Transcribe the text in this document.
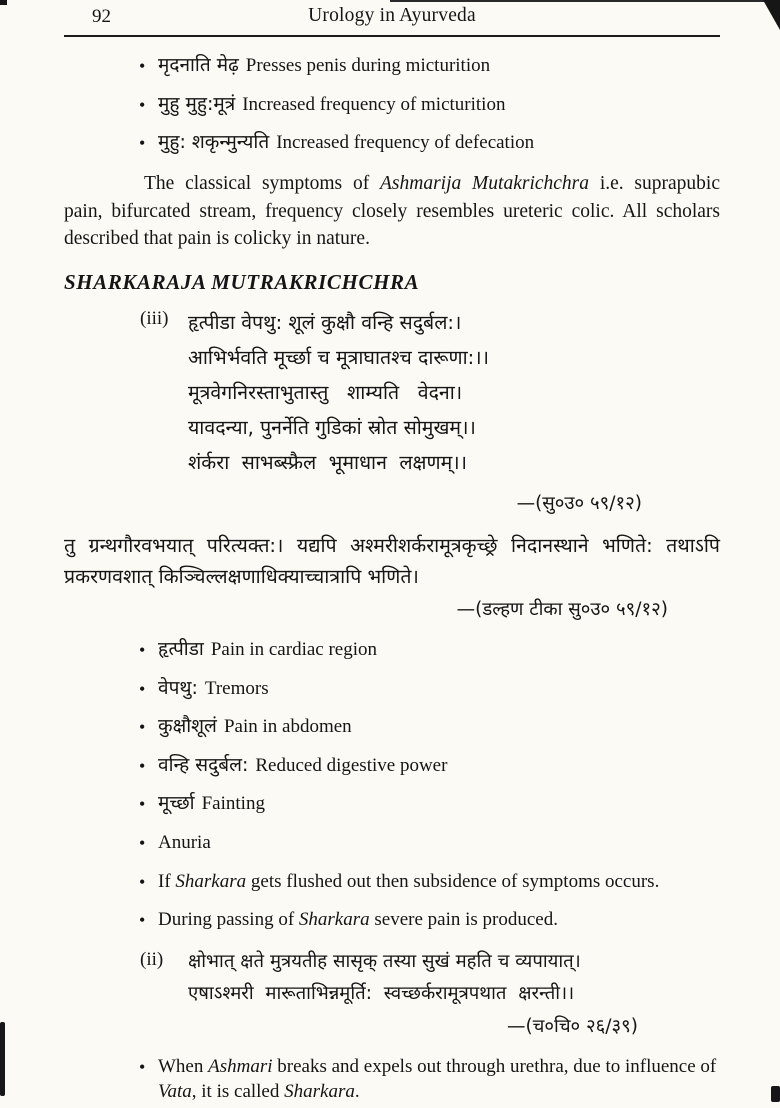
92	Urology in Ayurveda
• मृदनाति मेढ़ Presses penis during micturition
• मुहु मुहु:मूत्रं Increased frequency of micturition
• मुहु: शकृन्मुन्यति Increased frequency of defecation

The classical symptoms of Ashmarija Mutakrichchra i.e. suprapubic pain, bifurcated stream, frequency closely resembles ureteric colic. All scholars described that pain is colicky in nature.

SHARKARAJA MUTRAKRICHCHRA
(iii)	हृत्पीडा वेपथु: शूलं कुक्षौ वन्हि सदुर्बल:।
आभिर्भवति मूर्च्छा च मूत्राघातश्च दारूणा:।।
मूत्रवेगनिरस्ताभुतास्तु   शाम्यति   वेदना।
यावदन्या, पुनर्नेति गुडिकां स्रोत सोमुखम्।।
शंर्करा  साभब्स्फ्रैल  भूमाधान  लक्षणम्।।
—(सु०उ० ५९/१२)

तु ग्रन्थगौरवभयात् परित्यक्त:। यद्यपि अश्मरीशर्करामूत्रकृच्छ्रे निदानस्थाने भणिते: तथाऽपि प्रकरणवशात् किञ्चिल्लक्षणाधिक्याच्चात्रापि भणिते।

—(डल्हण टीका सु०उ० ५९/१२)
• हृत्पीडा Pain in cardiac region
• वेपथु: Tremors
• कुक्षौशूलं Pain in abdomen
• वन्हि सदुर्बल: Reduced digestive power
• मूर्च्छा Fainting
• Anuria
• If Sharkara gets flushed out then subsidence of symptoms occurs.
• During passing of Sharkara severe pain is produced.
(ii)	क्षोभात् क्षते मुत्रयतीह सासृक् तस्या सुखं महति च व्यपायात्।
एषाऽश्मरी  मारूताभिन्नमूर्ति:  स्वच्छर्करामूत्रपथात  क्षरन्ती।।
—(च०चि० २६/३९)
• When Ashmari breaks and expels out through urethra, due to influence of Vata, it is called Sharkara.
